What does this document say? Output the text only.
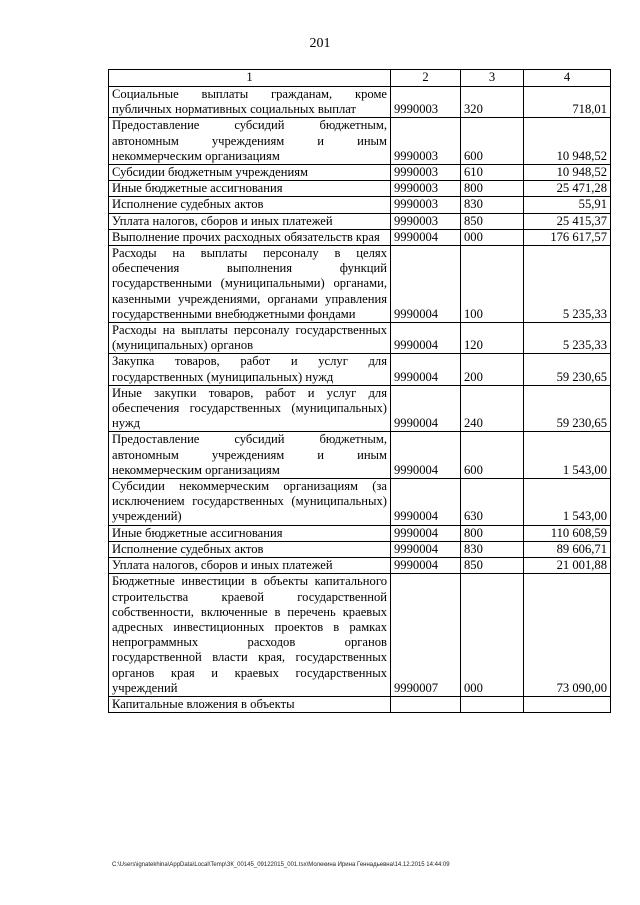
201
1	2	3	4
Социальные выплаты гражданам, кроме публичных нормативных социальных выплат	9990003	320	718,01
Предоставление субсидий бюджетным, автономным учреждениям и иным некоммерческим организациям	9990003	600	10 948,52
Субсидии бюджетным учреждениям	9990003	610	10 948,52
Иные бюджетные ассигнования	9990003	800	25 471,28
Исполнение судебных актов	9990003	830	55,91
Уплата налогов, сборов и иных платежей	9990003	850	25 415,37
Выполнение прочих расходных обязательств края	9990004	000	176 617,57
Расходы на выплаты персоналу в целях обеспечения выполнения функций государственными (муниципальными) органами, казенными учреждениями, органами управления государственными внебюджетными фондами	9990004	100	5 235,33
Расходы на выплаты персоналу государственных (муниципальных) органов	9990004	120	5 235,33
Закупка товаров, работ и услуг для государственных (муниципальных) нужд	9990004	200	59 230,65
Иные закупки товаров, работ и услуг для обеспечения государственных (муниципальных) нужд	9990004	240	59 230,65
Предоставление субсидий бюджетным, автономным учреждениям и иным некоммерческим организациям	9990004	600	1 543,00
Субсидии некоммерческим организациям (за исключением государственных (муниципальных) учреждений)	9990004	630	1 543,00
Иные бюджетные ассигнования	9990004	800	110 608,59
Исполнение судебных актов	9990004	830	89 606,71
Уплата налогов, сборов и иных платежей	9990004	850	21 001,88
Бюджетные инвестиции в объекты капитального строительства краевой государственной собственности, включенные в перечень краевых адресных инвестиционных проектов в рамках непрограммных расходов органов государственной власти края, государственных органов края и краевых государственных учреждений	9990007	000	73 090,00
Капитальные вложения в объекты			
C:\Users\ignatekhina\AppData\Local\Temp\ЗК_00145_09122015_001.tsx\Молекина Ирина Геннадьевна\14.12.2015 14:44:09
